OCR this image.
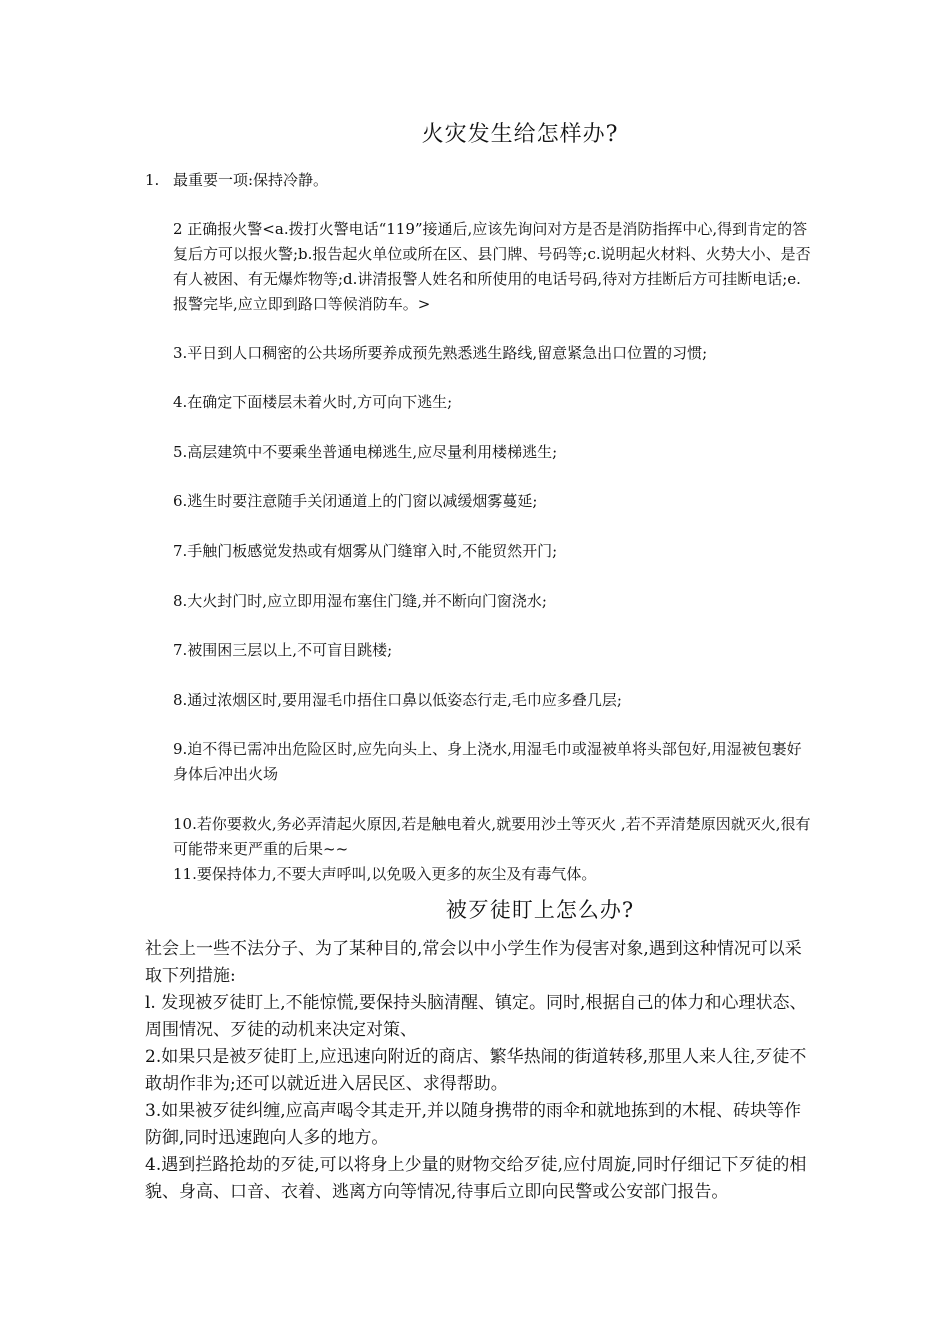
火灾发生给怎样办?
1. 最重要一项:保持冷静。
2 正确报火警<a.拨打火警电话“119”接通后,应该先询问对方是否是消防指挥中心,得到肯定的答复后方可以报火警;b.报告起火单位或所在区、县门牌、号码等;c.说明起火材料、火势大小、是否有人被困、有无爆炸物等;d.讲清报警人姓名和所使用的电话号码,待对方挂断后方可挂断电话;e.报警完毕,应立即到路口等候消防车。>
3.平日到人口稠密的公共场所要养成预先熟悉逃生路线,留意紧急出口位置的习惯;
4.在确定下面楼层未着火时,方可向下逃生;
5.高层建筑中不要乘坐普通电梯逃生,应尽量利用楼梯逃生;
6.逃生时要注意随手关闭通道上的门窗以减缓烟雾蔓延;
7.手触门板感觉发热或有烟雾从门缝窜入时,不能贸然开门;
8.大火封门时,应立即用湿布塞住门缝,并不断向门窗浇水;
7.被围困三层以上,不可盲目跳楼;
8.通过浓烟区时,要用湿毛巾捂住口鼻以低姿态行走,毛巾应多叠几层;
9.迫不得已需冲出危险区时,应先向头上、身上浇水,用湿毛巾或湿被单将头部包好,用湿被包裹好身体后冲出火场
10.若你要救火,务必弄清起火原因,若是触电着火,就要用沙土等灭火 ,若不弄清楚原因就灭火,很有可能带来更严重的后果~~
11.要保持体力,不要大声呼叫,以免吸入更多的灰尘及有毒气体。
被歹徒盯上怎么办?
社会上一些不法分子、为了某种目的,常会以中小学生作为侵害对象,遇到这种情况可以采取下列措施:
l. 发现被歹徒盯上,不能惊慌,要保持头脑清醒、镇定。同时,根据自己的体力和心理状态、周围情况、歹徒的动机来决定对策、
2.如果只是被歹徒盯上,应迅速向附近的商店、繁华热闹的街道转移,那里人来人往,歹徒不敢胡作非为;还可以就近进入居民区、求得帮助。
3.如果被歹徒纠缠,应高声喝令其走开,并以随身携带的雨伞和就地拣到的木棍、砖块等作防御,同时迅速跑向人多的地方。
4.遇到拦路抢劫的歹徒,可以将身上少量的财物交给歹徒,应付周旋,同时仔细记下歹徒的相貌、身高、口音、衣着、逃离方向等情况,待事后立即向民警或公安部门报告。
